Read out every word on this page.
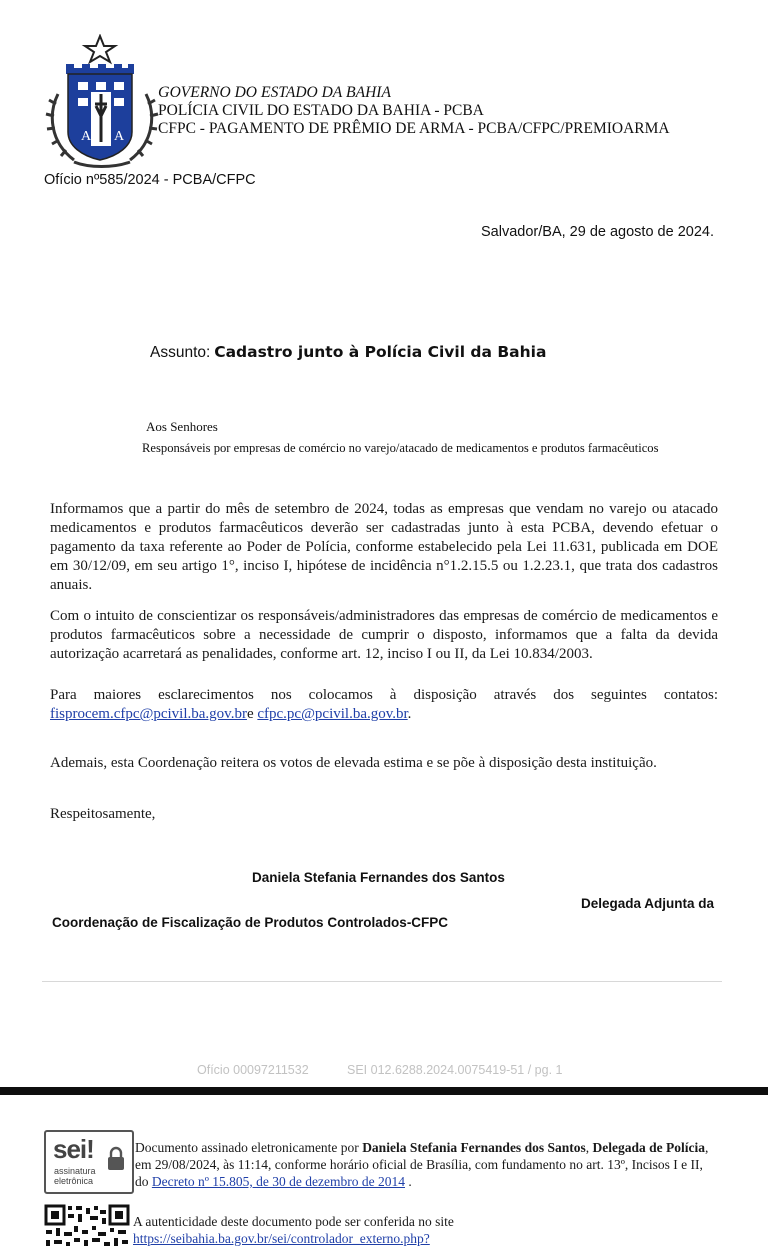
A A
GOVERNO DO ESTADO DA BAHIA
POLÍCIA CIVIL DO ESTADO DA BAHIA - PCBA
CFPC - PAGAMENTO DE PRÊMIO DE ARMA - PCBA/CFPC/PREMIOARMA
Ofício nº585/2024 - PCBA/CFPC
Salvador/BA, 29 de agosto de 2024.
Assunto: Cadastro junto à Polícia Civil da Bahia
Aos Senhores
Responsáveis por empresas de comércio no varejo/atacado de medicamentos e produtos farmacêuticos
Informamos que a partir do mês de setembro de 2024, todas as empresas que vendam no varejo ou atacado medicamentos e produtos farmacêuticos deverão ser cadastradas junto à esta PCBA, devendo efetuar o pagamento da taxa referente ao Poder de Polícia, conforme estabelecido pela Lei 11.631, publicada em DOE em 30/12/09, em seu artigo 1°, inciso I, hipótese de incidência n°1.2.15.5 ou 1.2.23.1, que trata dos cadastros anuais.
Com o intuito de conscientizar os responsáveis/administradores das empresas de comércio de medicamentos e produtos farmacêuticos sobre a necessidade de cumprir o disposto, informamos que a falta da devida autorização acarretará as penalidades, conforme art. 12, inciso I ou II, da Lei 10.834/2003.
Para maiores esclarecimentos nos colocamos à disposição através dos seguintes contatos:
fisprocem.cfpc@pcivil.ba.gov.bre cfpc.pc@pcivil.ba.gov.br.
Ademais, esta Coordenação reitera os votos de elevada estima e se põe à disposição desta instituição.
Respeitosamente,
Daniela Stefania Fernandes dos Santos
Delegada Adjunta da
Coordenação de Fiscalização de Produtos Controlados-CFPC
Ofício 00097211532	SEI 012.6288.2024.0075419-51 / pg. 1
sei!
assinatura
eletrônica
Documento assinado eletronicamente por Daniela Stefania Fernandes dos Santos, Delegada de Polícia, em 29/08/2024, às 11:14, conforme horário oficial de Brasília, com fundamento no art. 13º, Incisos I e II, do Decreto nº 15.805, de 30 de dezembro de 2014 .
A autenticidade deste documento pode ser conferida no site
https://seibahia.ba.gov.br/sei/controlador_externo.php?
